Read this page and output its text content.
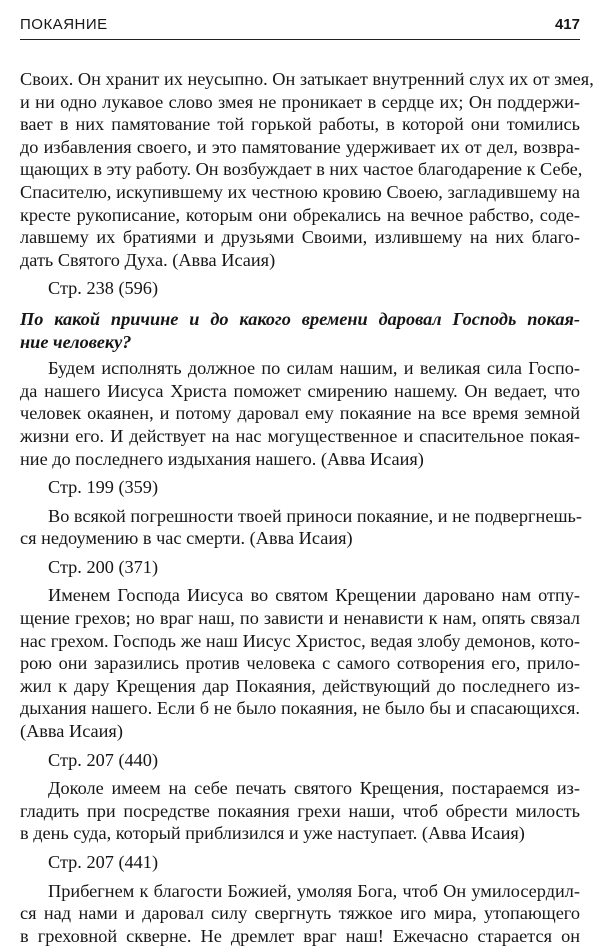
ПОКАЯНИЕ	417
Своих. Он хранит их неусыпно. Он затыкает внутренний слух их от змея,
и ни одно лукавое слово змея не проникает в сердце их; Он поддержи-
вает в них памятование той горькой работы, в которой они томились
до избавления своего, и это памятование удерживает их от дел, возвра-
щающих в эту работу. Он возбуждает в них частое благодарение к Себе,
Спасителю, искупившему их честною кровию Своею, загладившему на
кресте рукописание, которым они обрекались на вечное рабство, соде-
лавшему их братиями и друзьями Своими, излившему на них благо-
дать Святого Духа. (Авва Исаия)
Стр. 238 (596)
По какой причине и до какого времени даровал Господь покая-
ние человеку?
Будем исполнять должное по силам нашим, и великая сила Госпо-
да нашего Иисуса Христа поможет смирению нашему. Он ведает, что
человек окаянен, и потому даровал ему покаяние на все время земной
жизни его. И действует на нас могущественное и спасительное покая-
ние до последнего издыхания нашего. (Авва Исаия)
Стр. 199 (359)
Во всякой погрешности твоей приноси покаяние, и не подвергнешь-
ся недоумению в час смерти. (Авва Исаия)
Стр. 200 (371)
Именем Господа Иисуса во святом Крещении даровано нам отпу-
щение грехов; но враг наш, по зависти и ненависти к нам, опять связал
нас грехом. Господь же наш Иисус Христос, ведая злобу демонов, кото-
рою они заразились против человека с самого сотворения его, прило-
жил к дару Крещения дар Покаяния, действующий до последнего из-
дыхания нашего. Если б не было покаяния, не было бы и спасающихся.
(Авва Исаия)
Стр. 207 (440)
Доколе имеем на себе печать святого Крещения, постараемся из-
гладить при посредстве покаяния грехи наши, чтоб обрести милость
в день суда, который приблизился и уже наступает. (Авва Исаия)
Стр. 207 (441)
Прибегнем к благости Божией, умоляя Бога, чтоб Он умилосердил-
ся над нами и даровал силу свергнуть тяжкое иго мира, утопающего
в греховной скверне. Не дремлет враг наш! Ежечасно старается он
